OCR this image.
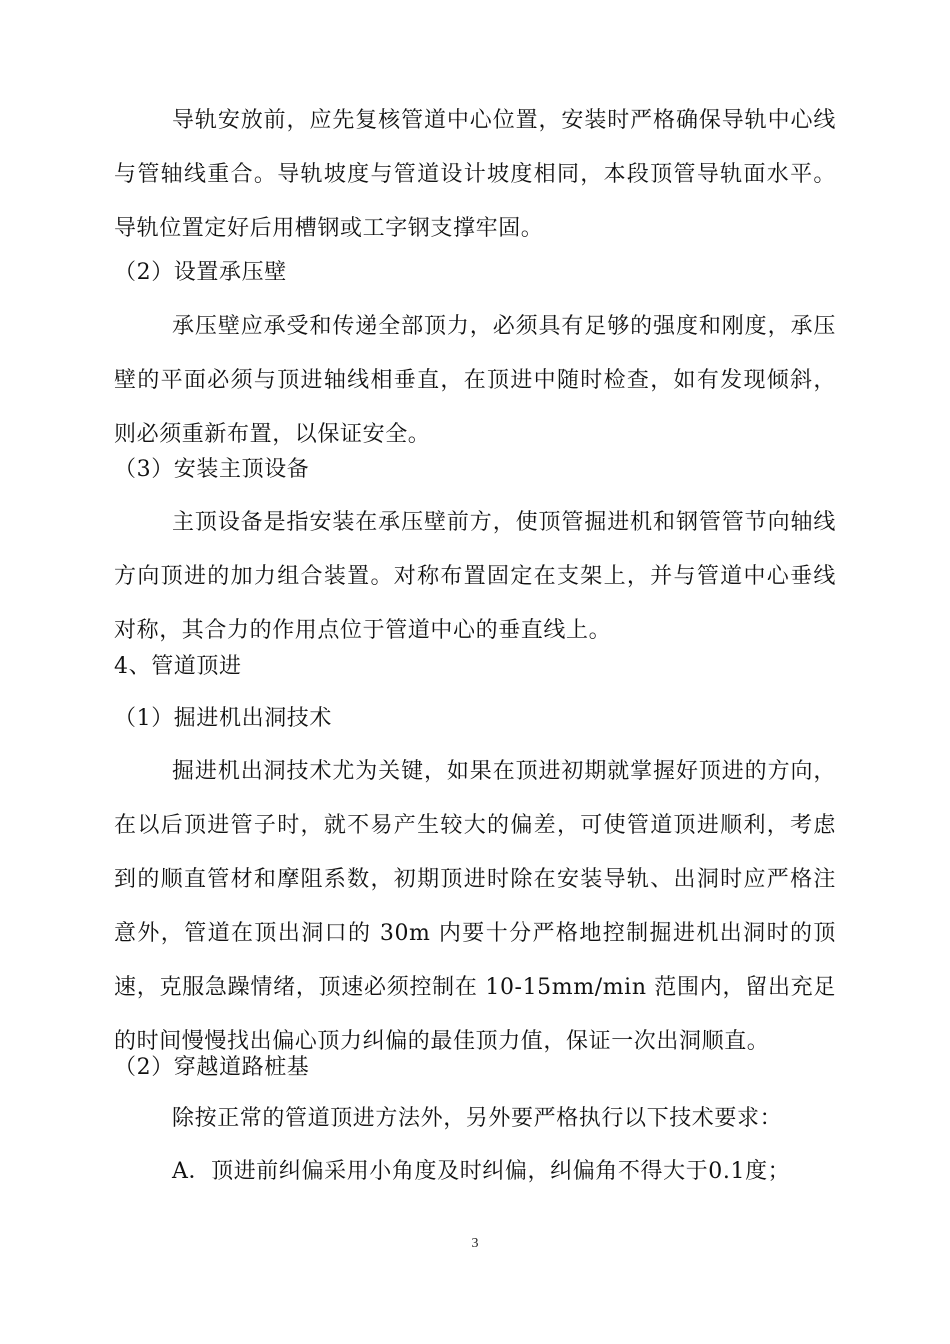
导轨安放前，应先复核管道中心位置，安装时严格确保导轨中心线与管轴线重合。导轨坡度与管道设计坡度相同，本段顶管导轨面水平。导轨位置定好后用槽钢或工字钢支撑牢固。
（2）设置承压壁
承压壁应承受和传递全部顶力，必须具有足够的强度和刚度，承压壁的平面必须与顶进轴线相垂直，在顶进中随时检查，如有发现倾斜，则必须重新布置，以保证安全。
（3）安装主顶设备
主顶设备是指安装在承压壁前方，使顶管掘进机和钢管管节向轴线方向顶进的加力组合装置。对称布置固定在支架上，并与管道中心垂线对称，其合力的作用点位于管道中心的垂直线上。
4、管道顶进
（1）掘进机出洞技术
掘进机出洞技术尤为关键，如果在顶进初期就掌握好顶进的方向，在以后顶进管子时，就不易产生较大的偏差，可使管道顶进顺利，考虑到的顺直管材和摩阻系数，初期顶进时除在安装导轨、出洞时应严格注意外，管道在顶出洞口的 30m 内要十分严格地控制掘进机出洞时的顶速，克服急躁情绪，顶速必须控制在 10-15mm/min 范围内，留出充足的时间慢慢找出偏心顶力纠偏的最佳顶力值，保证一次出洞顺直。
（2）穿越道路桩基
除按正常的管道顶进方法外，另外要严格执行以下技术要求：
A．顶进前纠偏采用小角度及时纠偏，纠偏角不得大于0.1度；
3
